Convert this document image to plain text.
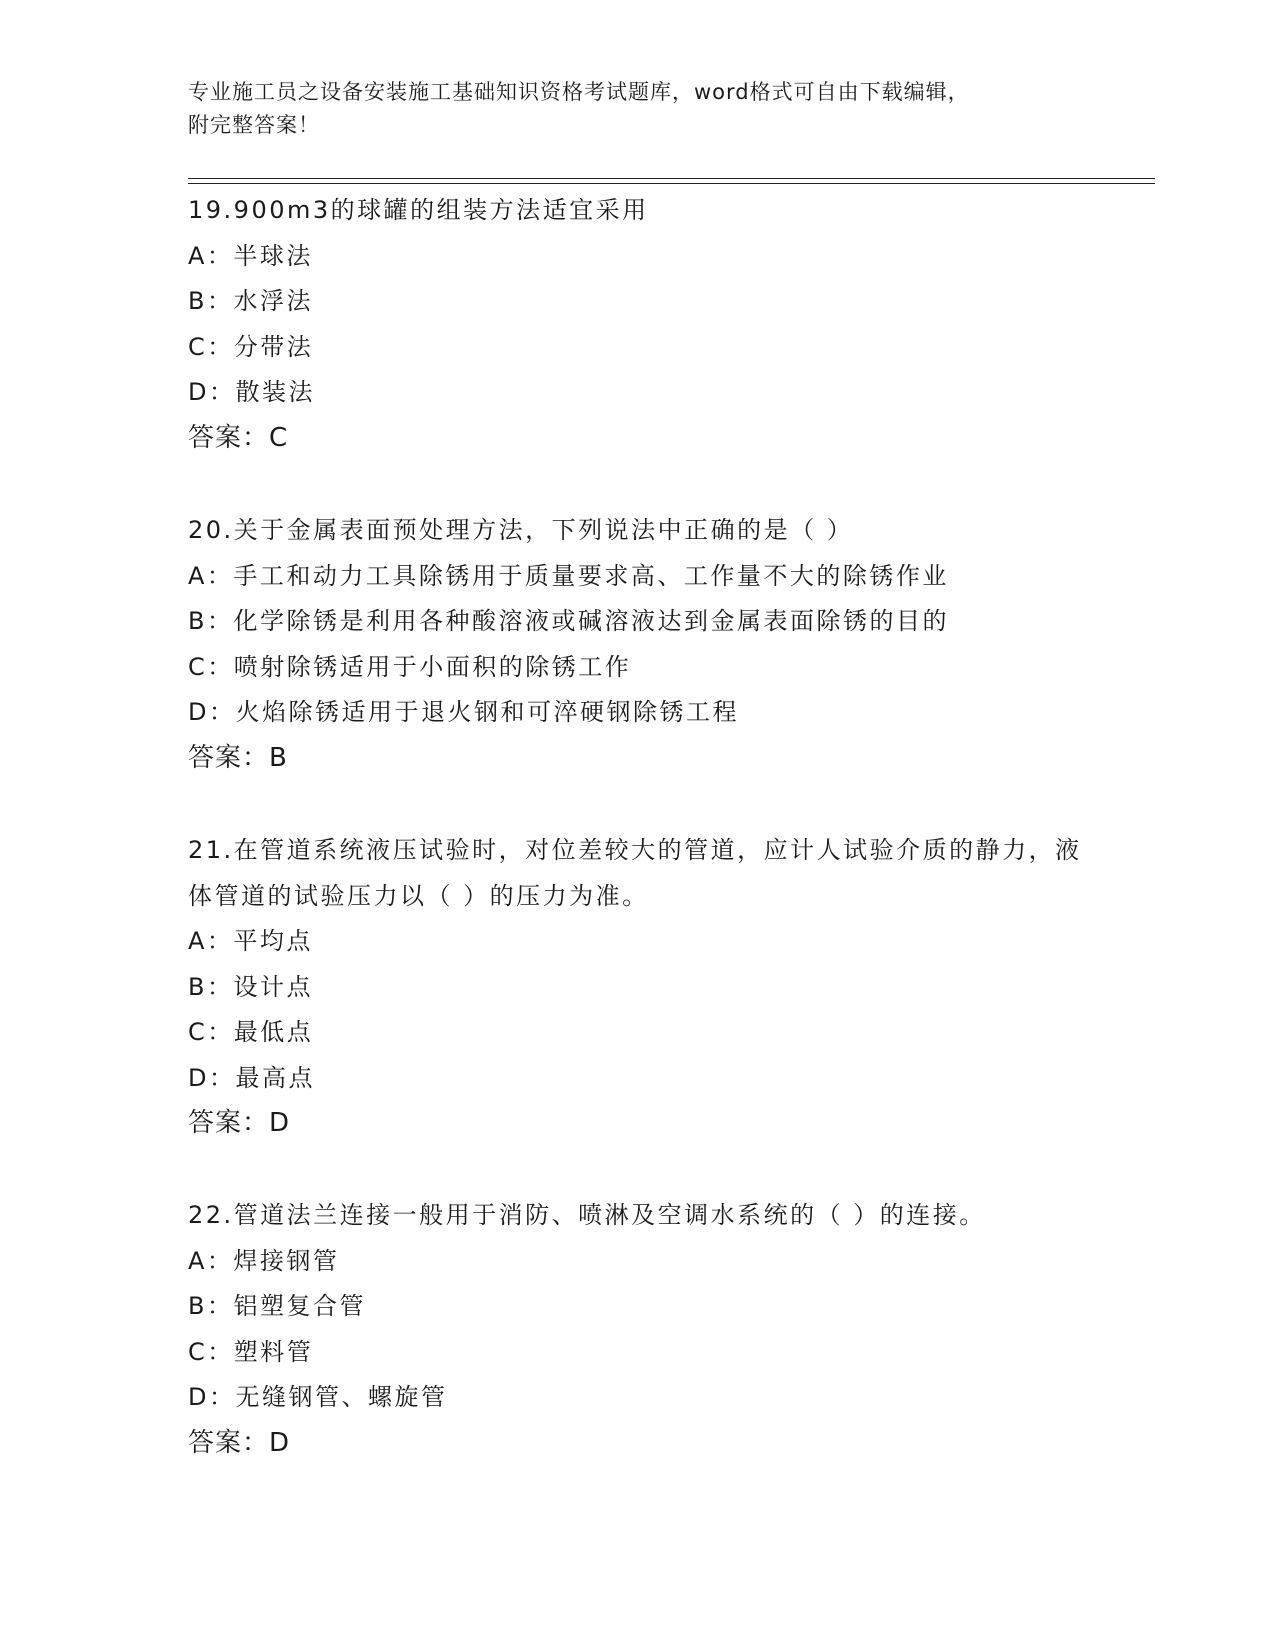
专业施工员之设备安装施工基础知识资格考试题库，word格式可自由下载编辑，
附完整答案！
19.900m3的球罐的组装方法适宜采用
A：半球法
B：水浮法
C：分带法
D：散装法
答案：C
20.关于金属表面预处理方法，下列说法中正确的是（ ）
A：手工和动力工具除锈用于质量要求高、工作量不大的除锈作业
B：化学除锈是利用各种酸溶液或碱溶液达到金属表面除锈的目的
C：喷射除锈适用于小面积的除锈工作
D：火焰除锈适用于退火钢和可淬硬钢除锈工程
答案：B
21.在管道系统液压试验时，对位差较大的管道，应计人试验介质的静力，液体管道的试验压力以（ ）的压力为准。
A：平均点
B：设计点
C：最低点
D：最高点
答案：D
22.管道法兰连接一般用于消防、喷淋及空调水系统的（ ）的连接。
A：焊接钢管
B：铝塑复合管
C：塑料管
D：无缝钢管、螺旋管
答案：D
